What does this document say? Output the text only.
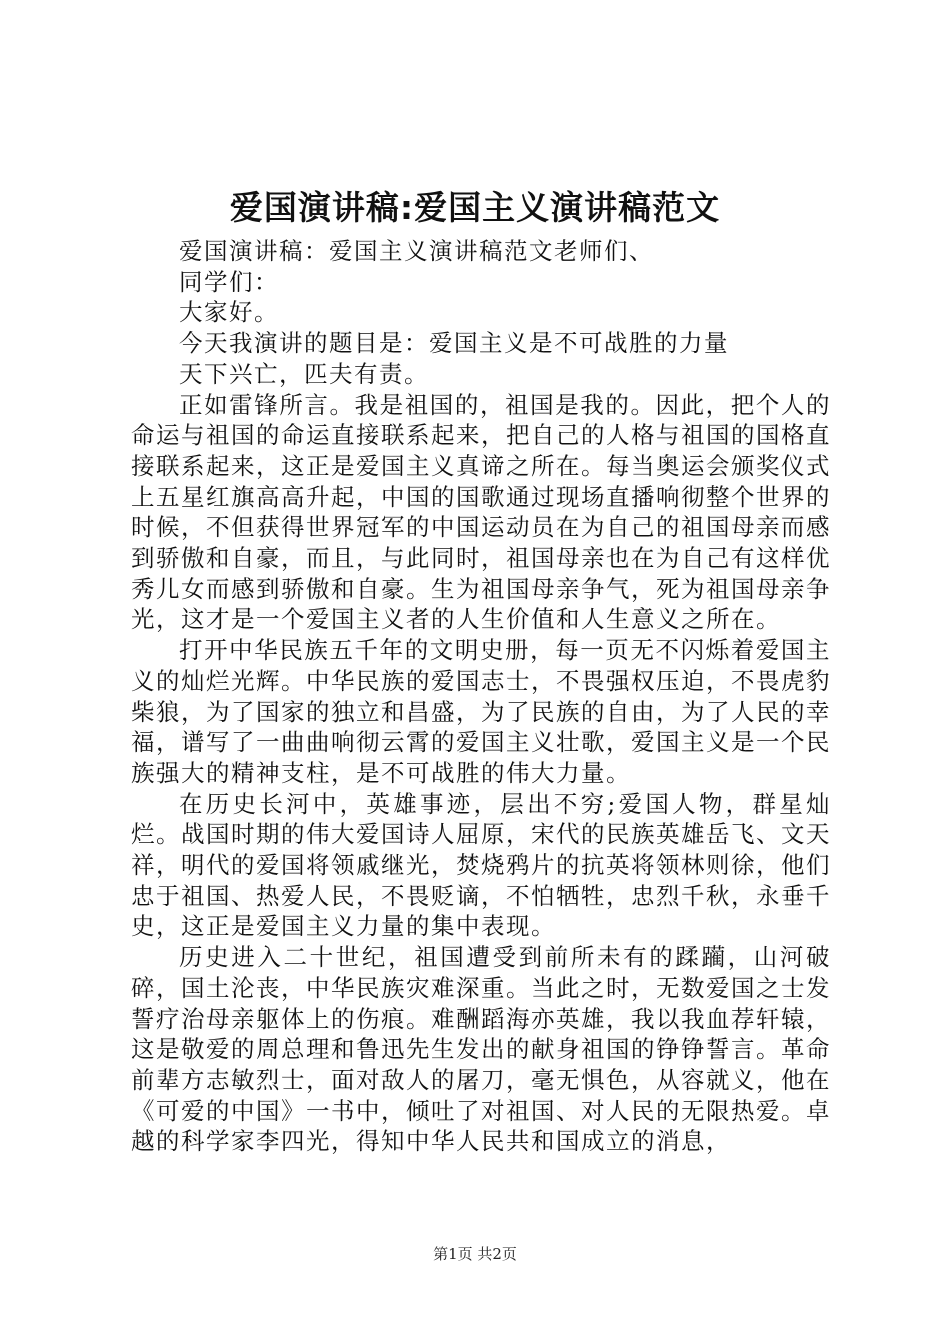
爱国演讲稿:爱国主义演讲稿范文
爱国演讲稿：爱国主义演讲稿范文老师们、
同学们：
大家好。
今天我演讲的题目是：爱国主义是不可战胜的力量
天下兴亡，匹夫有责。

正如雷锋所言。我是祖国的，祖国是我的。因此，把个人的命运与祖国的命运直接联系起来，把自己的人格与祖国的国格直接联系起来，这正是爱国主义真谛之所在。每当奥运会颁奖仪式上五星红旗高高升起，中国的国歌通过现场直播响彻整个世界的时候，不但获得世界冠军的中国运动员在为自己的祖国母亲而感到骄傲和自豪，而且，与此同时，祖国母亲也在为自己有这样优秀儿女而感到骄傲和自豪。生为祖国母亲争气，死为祖国母亲争光，这才是一个爱国主义者的人生价值和人生意义之所在。

打开中华民族五千年的文明史册，每一页无不闪烁着爱国主义的灿烂光辉。中华民族的爱国志士，不畏强权压迫，不畏虎豹柴狼，为了国家的独立和昌盛，为了民族的自由，为了人民的幸福，谱写了一曲曲响彻云霄的爱国主义壮歌，爱国主义是一个民族强大的精神支柱，是不可战胜的伟大力量。

在历史长河中，英雄事迹，层出不穷;爱国人物，群星灿烂。战国时期的伟大爱国诗人屈原，宋代的民族英雄岳飞、文天祥，明代的爱国将领戚继光，焚烧鸦片的抗英将领林则徐，他们忠于祖国、热爱人民，不畏贬谪，不怕牺牲，忠烈千秋，永垂千史，这正是爱国主义力量的集中表现。

历史进入二十世纪，祖国遭受到前所未有的蹂躏，山河破碎，国土沦丧，中华民族灾难深重。当此之时，无数爱国之士发誓疗治母亲躯体上的伤痕。难酬蹈海亦英雄，我以我血荐轩辕，这是敬爱的周总理和鲁迅先生发出的献身祖国的铮铮誓言。革命前辈方志敏烈士，面对敌人的屠刀，毫无惧色，从容就义，他在《可爱的中国》一书中，倾吐了对祖国、对人民的无限热爱。卓越的科学家李四光，得知中华人民共和国成立的消息，

第1页 共2页
